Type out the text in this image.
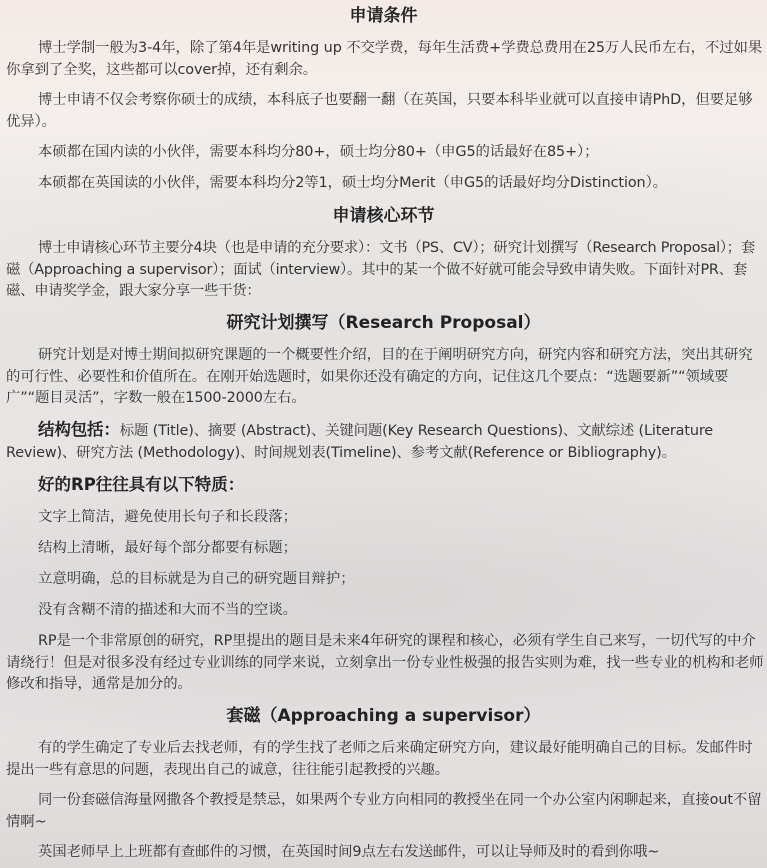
申请条件
博士学制一般为3-4年，除了第4年是writing up 不交学费，每年生活费+学费总费用在25万人民币左右，不过如果你拿到了全奖，这些都可以cover掉，还有剩余。
博士申请不仅会考察你硕士的成绩，本科底子也要翻一翻（在英国，只要本科毕业就可以直接申请PhD，但要足够优异）。
本硕都在国内读的小伙伴，需要本科均分80+，硕士均分80+（申G5的话最好在85+）；
本硕都在英国读的小伙伴，需要本科均分2等1，硕士均分Merit（申G5的话最好均分Distinction）。
申请核心环节
博士申请核心环节主要分4块（也是申请的充分要求）：文书（PS、CV）；研究计划撰写（Research Proposal）；套磁（Approaching a supervisor）；面试（interview）。其中的某一个做不好就可能会导致申请失败。下面针对PR、套磁、申请奖学金，跟大家分享一些干货：
研究计划撰写（Research Proposal）
研究计划是对博士期间拟研究课题的一个概要性介绍，目的在于阐明研究方向，研究内容和研究方法，突出其研究的可行性、必要性和价值所在。在刚开始选题时，如果你还没有确定的方向，记住这几个要点：“选题要新”“领域要广”“题目灵活”，字数一般在1500-2000左右。
结构包括：标题 (Title)、摘要 (Abstract)、关键问题(Key Research Questions)、文献综述 (Literature Review)、研究方法 (Methodology)、时间规划表(Timeline)、参考文献(Reference or Bibliography)。
好的RP往往具有以下特质：
文字上简洁，避免使用长句子和长段落；
结构上清晰，最好每个部分都要有标题；
立意明确，总的目标就是为自己的研究题目辩护；
没有含糊不清的描述和大而不当的空谈。
RP是一个非常原创的研究，RP里提出的题目是未来4年研究的课程和核心，必须有学生自己来写，一切代写的中介请绕行！但是对很多没有经过专业训练的同学来说，立刻拿出一份专业性极强的报告实则为难，找一些专业的机构和老师修改和指导，通常是加分的。
套磁（Approaching a supervisor）
有的学生确定了专业后去找老师，有的学生找了老师之后来确定研究方向，建议最好能明确自己的目标。发邮件时提出一些有意思的问题，表现出自己的诚意，往往能引起教授的兴趣。
同一份套磁信海量网撒各个教授是禁忌，如果两个专业方向相同的教授坐在同一个办公室内闲聊起来，直接out不留情啊~
英国老师早上上班都有查邮件的习惯，在英国时间9点左右发送邮件，可以让导师及时的看到你哦~
